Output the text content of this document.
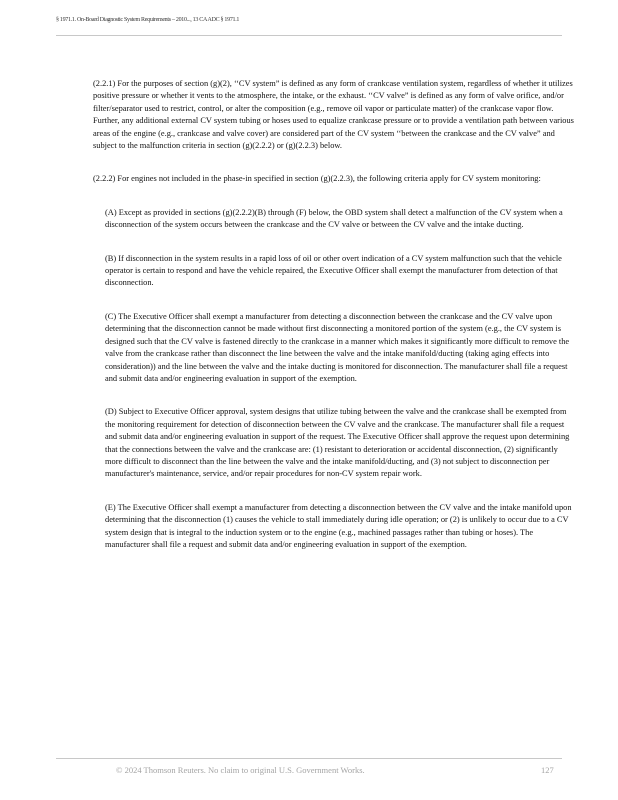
§ 1971.1. On-Board Diagnostic System Requirements – 2010..., 13 CA ADC § 1971.1

(2.2.1) For the purposes of section (g)(2), ‘‘CV system” is defined as any form of crankcase ventilation system, regardless of whether it utilizes positive pressure or whether it vents to the atmosphere, the intake, or the exhaust. ‘‘CV valve” is defined as any form of valve orifice, and/or filter/separator used to restrict, control, or alter the composition (e.g., remove oil vapor or particulate matter) of the crankcase vapor flow. Further, any additional external CV system tubing or hoses used to equalize crankcase pressure or to provide a ventilation path between various areas of the engine (e.g., crankcase and valve cover) are considered part of the CV system ‘‘between the crankcase and the CV valve” and subject to the malfunction criteria in section (g)(2.2.2) or (g)(2.2.3) below.

(2.2.2) For engines not included in the phase-in specified in section (g)(2.2.3), the following criteria apply for CV system monitoring:

(A) Except as provided in sections (g)(2.2.2)(B) through (F) below, the OBD system shall detect a malfunction of the CV system when a disconnection of the system occurs between the crankcase and the CV valve or between the CV valve and the intake ducting.

(B) If disconnection in the system results in a rapid loss of oil or other overt indication of a CV system malfunction such that the vehicle operator is certain to respond and have the vehicle repaired, the Executive Officer shall exempt the manufacturer from detection of that disconnection.

(C) The Executive Officer shall exempt a manufacturer from detecting a disconnection between the crankcase and the CV valve upon determining that the disconnection cannot be made without first disconnecting a monitored portion of the system (e.g., the CV system is designed such that the CV valve is fastened directly to the crankcase in a manner which makes it significantly more difficult to remove the valve from the crankcase rather than disconnect the line between the valve and the intake manifold/ducting (taking aging effects into consideration)) and the line between the valve and the intake ducting is monitored for disconnection. The manufacturer shall file a request and submit data and/or engineering evaluation in support of the exemption.

(D) Subject to Executive Officer approval, system designs that utilize tubing between the valve and the crankcase shall be exempted from the monitoring requirement for detection of disconnection between the CV valve and the crankcase. The manufacturer shall file a request and submit data and/or engineering evaluation in support of the request. The Executive Officer shall approve the request upon determining that the connections between the valve and the crankcase are: (1) resistant to deterioration or accidental disconnection, (2) significantly more difficult to disconnect than the line between the valve and the intake manifold/ducting, and (3) not subject to disconnection per manufacturer's maintenance, service, and/or repair procedures for non-CV system repair work.

(E) The Executive Officer shall exempt a manufacturer from detecting a disconnection between the CV valve and the intake manifold upon determining that the disconnection (1) causes the vehicle to stall immediately during idle operation; or (2) is unlikely to occur due to a CV system design that is integral to the induction system or to the engine (e.g., machined passages rather than tubing or hoses). The manufacturer shall file a request and submit data and/or engineering evaluation in support of the exemption.

© 2024 Thomson Reuters. No claim to original U.S. Government Works.	127
